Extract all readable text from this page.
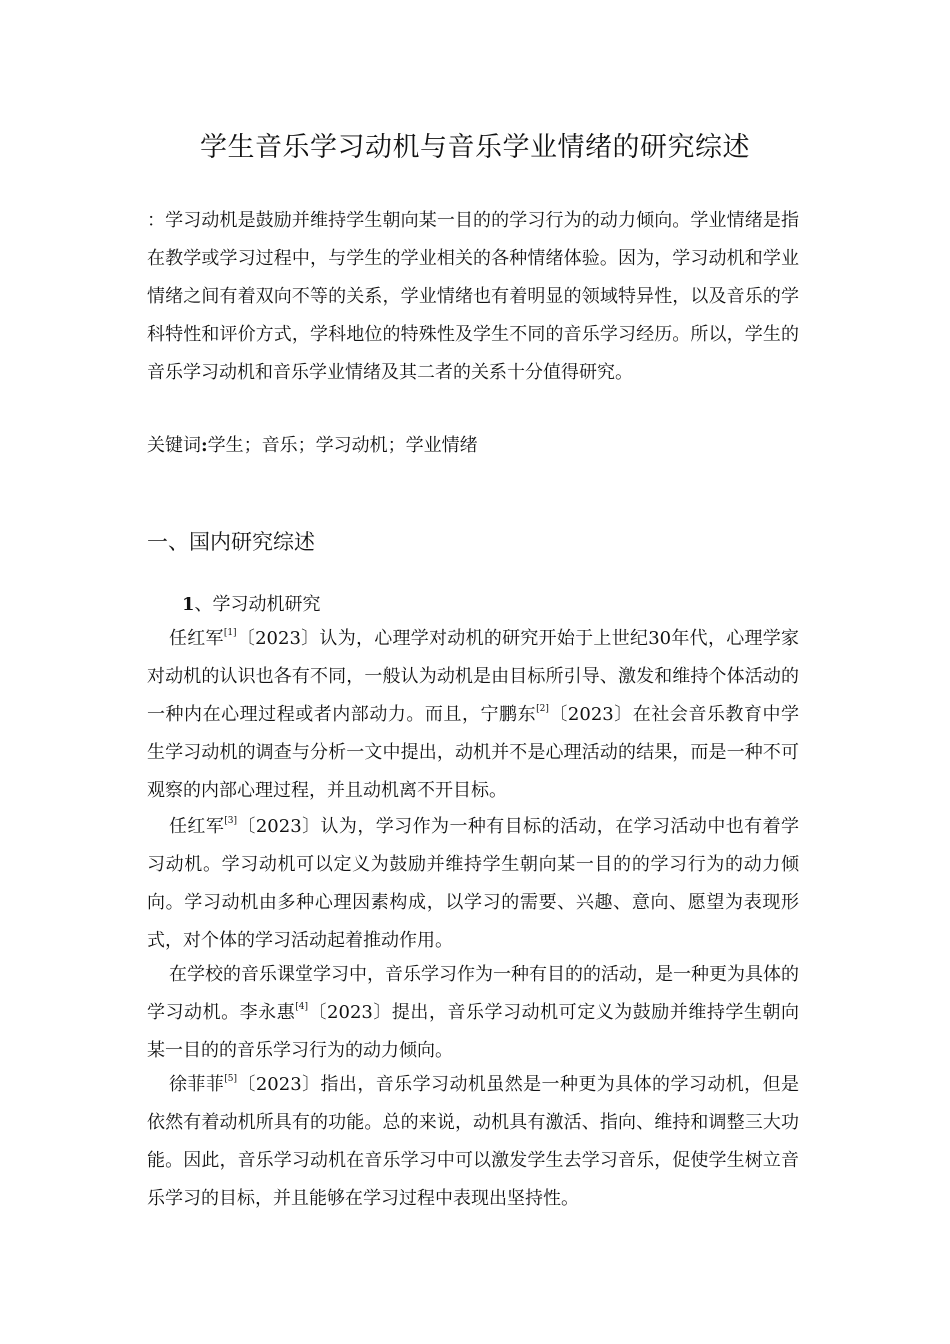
学生音乐学习动机与音乐学业情绪的研究综述

：学习动机是鼓励并维持学生朝向某一目的的学习行为的动力倾向。学业情绪是指在教学或学习过程中，与学生的学业相关的各种情绪体验。因为，学习动机和学业情绪之间有着双向不等的关系，学业情绪也有着明显的领域特异性，以及音乐的学科特性和评价方式，学科地位的特殊性及学生不同的音乐学习经历。所以，学生的音乐学习动机和音乐学业情绪及其二者的关系十分值得研究。

关键词:学生；音乐；学习动机；学业情绪

一、国内研究综述
1、学习动机研究

任红军[1]〔2023〕认为，心理学对动机的研究开始于上世纪30年代，心理学家对动机的认识也各有不同，一般认为动机是由目标所引导、激发和维持个体活动的一种内在心理过程或者内部动力。而且，宁鹏东[2]〔2023〕在社会音乐教育中学生学习动机的调查与分析一文中提出，动机并不是心理活动的结果，而是一种不可观察的内部心理过程，并且动机离不开目标。

任红军[3]〔2023〕认为，学习作为一种有目标的活动，在学习活动中也有着学习动机。学习动机可以定义为鼓励并维持学生朝向某一目的的学习行为的动力倾向。学习动机由多种心理因素构成，以学习的需要、兴趣、意向、愿望为表现形式，对个体的学习活动起着推动作用。

在学校的音乐课堂学习中，音乐学习作为一种有目的的活动，是一种更为具体的学习动机。李永惠[4]〔2023〕提出，音乐学习动机可定义为鼓励并维持学生朝向某一目的的音乐学习行为的动力倾向。

徐菲菲[5]〔2023〕指出，音乐学习动机虽然是一种更为具体的学习动机，但是依然有着动机所具有的功能。总的来说，动机具有激活、指向、维持和调整三大功能。因此，音乐学习动机在音乐学习中可以激发学生去学习音乐，促使学生树立音乐学习的目标，并且能够在学习过程中表现出坚持性。
